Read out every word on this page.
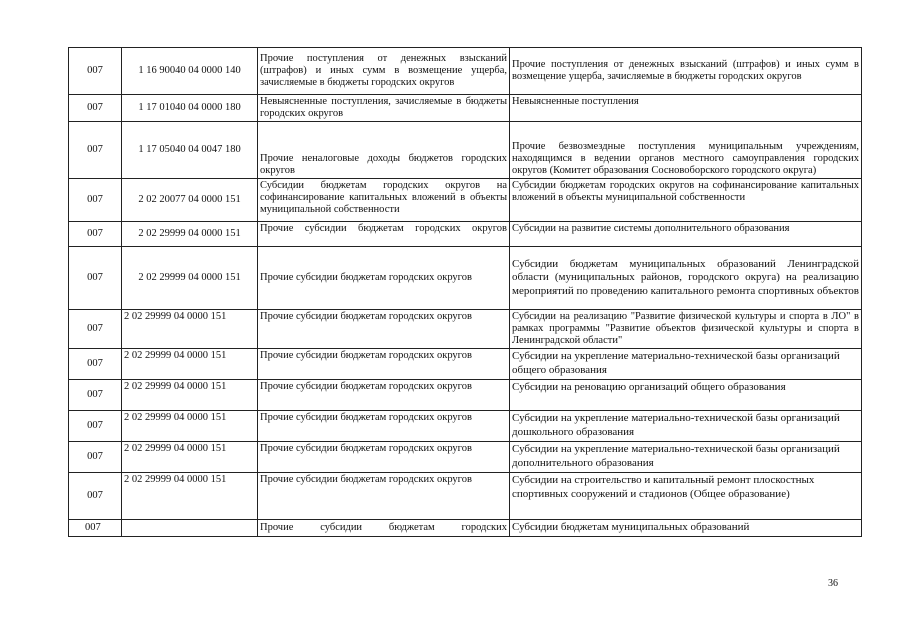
007	1 16 90040 04 0000 140	Прочие поступления от денежных взысканий (штрафов) и иных сумм в возмещение ущерба, зачисляемые в бюджеты городских округов	Прочие поступления от денежных взысканий (штрафов) и иных сумм в возмещение ущерба, зачисляемые в бюджеты городских округов
007	1 17 01040 04 0000 180	Невыясненные поступления, зачисляемые в бюджеты городских округов	Невыясненные поступления
007	1 17 05040 04 0047 180	Прочие неналоговые доходы бюджетов городских округов	Прочие безвозмездные поступления муниципальным учреждениям, находящимся в ведении органов местного самоуправления городских округов (Комитет образования Сосновоборского городского округа)
007	2 02 20077 04 0000 151	Субсидии бюджетам городских округов на софинансирование капитальных вложений в объекты муниципальной собственности	Субсидии бюджетам городских округов на софинансирование капитальных вложений в объекты муниципальной собственности
007	2 02 29999 04 0000 151	Прочие субсидии бюджетам городских округов	Субсидии на развитие системы дополнительного образования
007	2 02 29999 04 0000 151	Прочие субсидии бюджетам городских округов	Субсидии бюджетам муниципальных образований Ленинградской области (муниципальных районов, городского округа) на реализацию мероприятий по проведению капитального ремонта спортивных объектов
007	2 02 29999 04 0000 151	Прочие субсидии бюджетам городских округов	Субсидии на реализацию "Развитие физической культуры и спорта в ЛО" в рамках программы "Развитие объектов физической культуры и спорта в Ленинградской области"
007	2 02 29999 04 0000 151	Прочие субсидии бюджетам городских округов	Субсидии на укрепление материально-технической базы организаций общего образования
007	2 02 29999 04 0000 151	Прочие субсидии бюджетам городских округов	Субсидии на реновацию организаций общего образования
007	2 02 29999 04 0000 151	Прочие субсидии бюджетам городских округов	Субсидии на укрепление материально-технической базы организаций дошкольного образования
007	2 02 29999 04 0000 151	Прочие субсидии бюджетам городских округов	Субсидии на укрепление материально-технической базы организаций дополнительного образования
007	2 02 29999 04 0000 151	Прочие субсидии бюджетам городских округов	Субсидии на строительство и капитальный ремонт плоскостных спортивных сооружений и стадионов (Общее образование)
007		Прочие субсидии бюджетам городских	Субсидии бюджетам муниципальных образований
36
